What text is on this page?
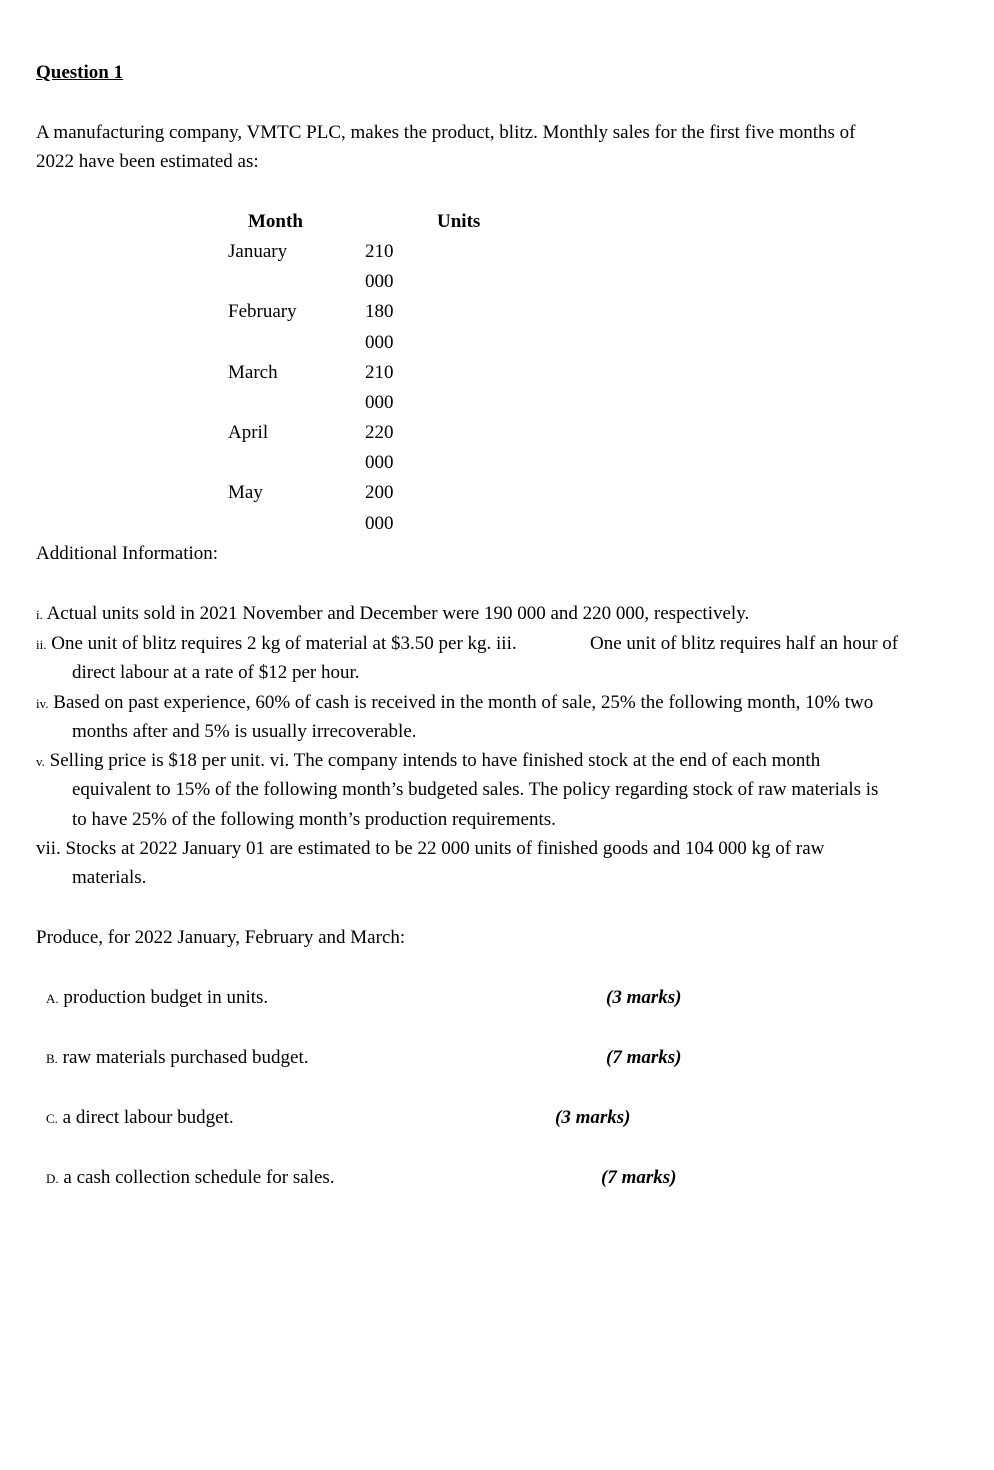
Question 1
A manufacturing company, VMTC PLC, makes the product, blitz. Monthly sales for the first five months of
2022 have been estimated as:
Month	Units
January	210
000
February	180
000
March	210
000
April	220
000
May	200
000
Additional Information:
i. Actual units sold in 2021 November and December were 190 000 and 220 000, respectively.
ii. One unit of blitz requires 2 kg of material at $3.50 per kg. iii.	One unit of blitz requires half an hour of
direct labour at a rate of $12 per hour.
iv. Based on past experience, 60% of cash is received in the month of sale, 25% the following month, 10% two
months after and 5% is usually irrecoverable.
v. Selling price is $18 per unit. vi. The company intends to have finished stock at the end of each month
equivalent to 15% of the following month’s budgeted sales. The policy regarding stock of raw materials is
to have 25% of the following month’s production requirements.
vii. Stocks at 2022 January 01 are estimated to be 22 000 units of finished goods and 104 000 kg of raw
materials.
Produce, for 2022 January, February and March:
A. production budget in units.	(3 marks)
B. raw materials purchased budget.	(7 marks)
C. a direct labour budget.	(3 marks)
D. a cash collection schedule for sales.	(7 marks)
